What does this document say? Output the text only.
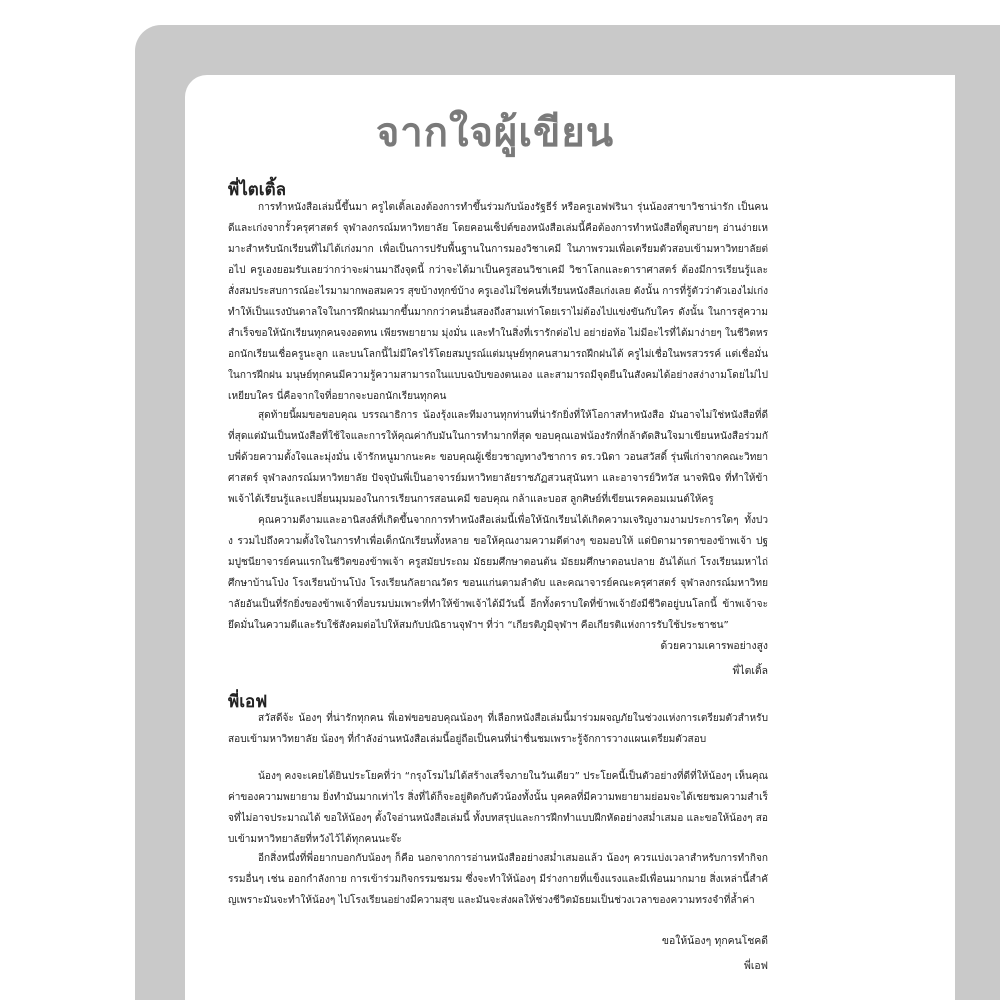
จากใจผู้เขียน
พี่ไตเติ้ล

การทำหนังสือเล่มนี้ขึ้นมา ครูไตเติ้ลเองต้องการทำขึ้นร่วมกับน้องรัฐธีร์ หรือครูเอฟฟรินา รุ่นน้องสาขาวิชาน่ารัก เป็นคนดีและเก่งจากรั้วครุศาสตร์ จุฬาลงกรณ์มหาวิทยาลัย โดยคอนเซ็ปต์ของหนังสือเล่มนี้คือต้องการทำหนังสือที่ดูสบายๆ อ่านง่ายเหมาะสำหรับนักเรียนที่ไม่ได้เก่งมาก เพื่อเป็นการปรับพื้นฐานในการมองวิชาเคมี ในภาพรวมเพื่อเตรียมตัวสอบเข้ามหาวิทยาลัยต่อไป ครูเองยอมรับเลยว่ากว่าจะผ่านมาถึงจุดนี้ กว่าจะได้มาเป็นครูสอนวิชาเคมี วิชาโลกและดาราศาสตร์ ต้องมีการเรียนรู้และสั่งสมประสบการณ์อะไรมามากพอสมควร สุขบ้างทุกข์บ้าง ครูเองไม่ใช่คนที่เรียนหนังสือเก่งเลย ดังนั้น การที่รู้ตัวว่าตัวเองไม่เก่งทำให้เป็นแรงบันดาลใจในการฝึกฝนมากขึ้นมากกว่าคนอื่นสองถึงสามเท่าโดยเราไม่ต้องไปแข่งขันกับใคร ดังนั้น ในการสู่ความสำเร็จขอให้นักเรียนทุกคนจงอดทน เพียรพยายาม มุ่งมั่น และทำในสิ่งที่เรารักต่อไป อย่าย่อท้อ ไม่มีอะไรที่ได้มาง่ายๆ ในชีวิตหรอกนักเรียนเชื่อครูนะลูก และบนโลกนี้ไม่มีใครไร้โดยสมบูรณ์แต่มนุษย์ทุกคนสามารถฝึกฝนได้ ครูไม่เชื่อในพรสวรรค์ แต่เชื่อมั่นในการฝึกฝน มนุษย์ทุกคนมีความรู้ความสามารถในแบบฉบับของตนเอง และสามารถมีจุดยืนในสังคมได้อย่างสง่างามโดยไม่ไปเหยียบใคร นี่คือจากใจที่อยากจะบอกนักเรียนทุกคน

สุดท้ายนี้ผมขอขอบคุณ บรรณาธิการ น้องรุ้งและทีมงานทุกท่านที่น่ารักยิ่งที่ให้โอกาสทำหนังสือ มันอาจไม่ใช่หนังสือที่ดีที่สุดแต่มันเป็นหนังสือที่ใช้ใจและการให้คุณค่ากับมันในการทำมากที่สุด ขอบคุณเอฟน้องรักที่กล้าตัดสินใจมาเขียนหนังสือร่วมกับพี่ด้วยความตั้งใจและมุ่งมั่น เจ้ารักหนูมากนะคะ ขอบคุณผู้เชี่ยวชาญทางวิชาการ ดร.วนิดา วอนสวัสดิ์ รุ่นพี่เก่าจากคณะวิทยาศาสตร์ จุฬาลงกรณ์มหาวิทยาลัย ปัจจุบันพี่เป็นอาจารย์มหาวิทยาลัยราชภัฏสวนสุนันทา และอาจารย์วิทวัส นาจพินิจ ที่ทำให้ข้าพเจ้าได้เรียนรู้และเปลี่ยนมุมมองในการเรียนการสอนเคมี ขอบคุณ กล้าและบอส ลูกศิษย์ที่เขียนเรคคอมเมนต์ให้ครู

คุณความดีงามและอานิสงส์ที่เกิดขึ้นจากการทำหนังสือเล่มนี้เพื่อให้นักเรียนได้เกิดความเจริญงามงามประการใดๆ ทั้งปวง รวมไปถึงความตั้งใจในการทำเพื่อเด็กนักเรียนทั้งหลาย ขอให้คุณงามความดีต่างๆ ขอมอบให้ แด่บิดามารดาของข้าพเจ้า ปฐมปูชนียาจารย์คนแรกในชีวิตของข้าพเจ้า ครูสมัยประถม มัธยมศึกษาตอนต้น มัธยมศึกษาตอนปลาย อันได้แก่ โรงเรียนมหาไถ่ศึกษาบ้านโป่ง โรงเรียนบ้านโป่ง โรงเรียนกัลยาณวัตร ขอนแก่นตามลำดับ และคณาจารย์คณะครุศาสตร์ จุฬาลงกรณ์มหาวิทยาลัยอันเป็นที่รักยิ่งของข้าพเจ้าที่อบรมบ่มเพาะที่ทำให้ข้าพเจ้าได้มีวันนี้ อีกทั้งตราบใดที่ข้าพเจ้ายังมีชีวิตอยู่บนโลกนี้ ข้าพเจ้าจะยึดมั่นในความดีและรับใช้สังคมต่อไปให้สมกับปณิธานจุฬาฯ ที่ว่า “เกียรติภูมิจุฬาฯ คือเกียรติแห่งการรับใช้ประชาชน”

ด้วยความเคารพอย่างสูง

พี่ไตเติ้ล

พี่เอฟ

สวัสดีจ้ะ น้องๆ ที่น่ารักทุกคน พี่เอฟขอขอบคุณน้องๆ ที่เลือกหนังสือเล่มนี้มาร่วมผจญภัยในช่วงแห่งการเตรียมตัวสำหรับสอบเข้ามหาวิทยาลัย น้องๆ ที่กำลังอ่านหนังสือเล่มนี้อยู่ถือเป็นคนที่น่าชื่นชมเพราะรู้จักการวางแผนเตรียมตัวสอบ

น้องๆ คงจะเคยได้ยินประโยคที่ว่า “กรุงโรมไม่ได้สร้างเสร็จภายในวันเดียว” ประโยคนี้เป็นตัวอย่างที่ดีที่ให้น้องๆ เห็นคุณค่าของความพยายาม ยิ่งทำมันมากเท่าไร สิ่งที่ได้ก็จะอยู่ติดกับตัวน้องทั้งนั้น บุคคลที่มีความพยายามย่อมจะได้เชยชมความสำเร็จที่ไม่อาจประมาณได้ ขอให้น้องๆ ตั้งใจอ่านหนังสือเล่มนี้ ทั้งบทสรุปและการฝึกทำแบบฝึกหัดอย่างสม่ำเสมอ และขอให้น้องๆ สอบเข้ามหาวิทยาลัยที่หวังไว้ได้ทุกคนนะจ๊ะ

อีกสิ่งหนึ่งที่พี่อยากบอกกับน้องๆ ก็คือ นอกจากการอ่านหนังสืออย่างสม่ำเสมอแล้ว น้องๆ ควรแบ่งเวลาสำหรับการทำกิจกรรมอื่นๆ เช่น ออกกำลังกาย การเข้าร่วมกิจกรรมชมรม ซึ่งจะทำให้น้องๆ มีร่างกายที่แข็งแรงและมีเพื่อนมากมาย สิ่งเหล่านี้สำคัญเพราะมันจะทำให้น้องๆ ไปโรงเรียนอย่างมีความสุข และมันจะส่งผลให้ช่วงชีวิตมัธยมเป็นช่วงเวลาของความทรงจำที่ล้ำค่า

ขอให้น้องๆ ทุกคนโชคดี

พี่เอฟ
